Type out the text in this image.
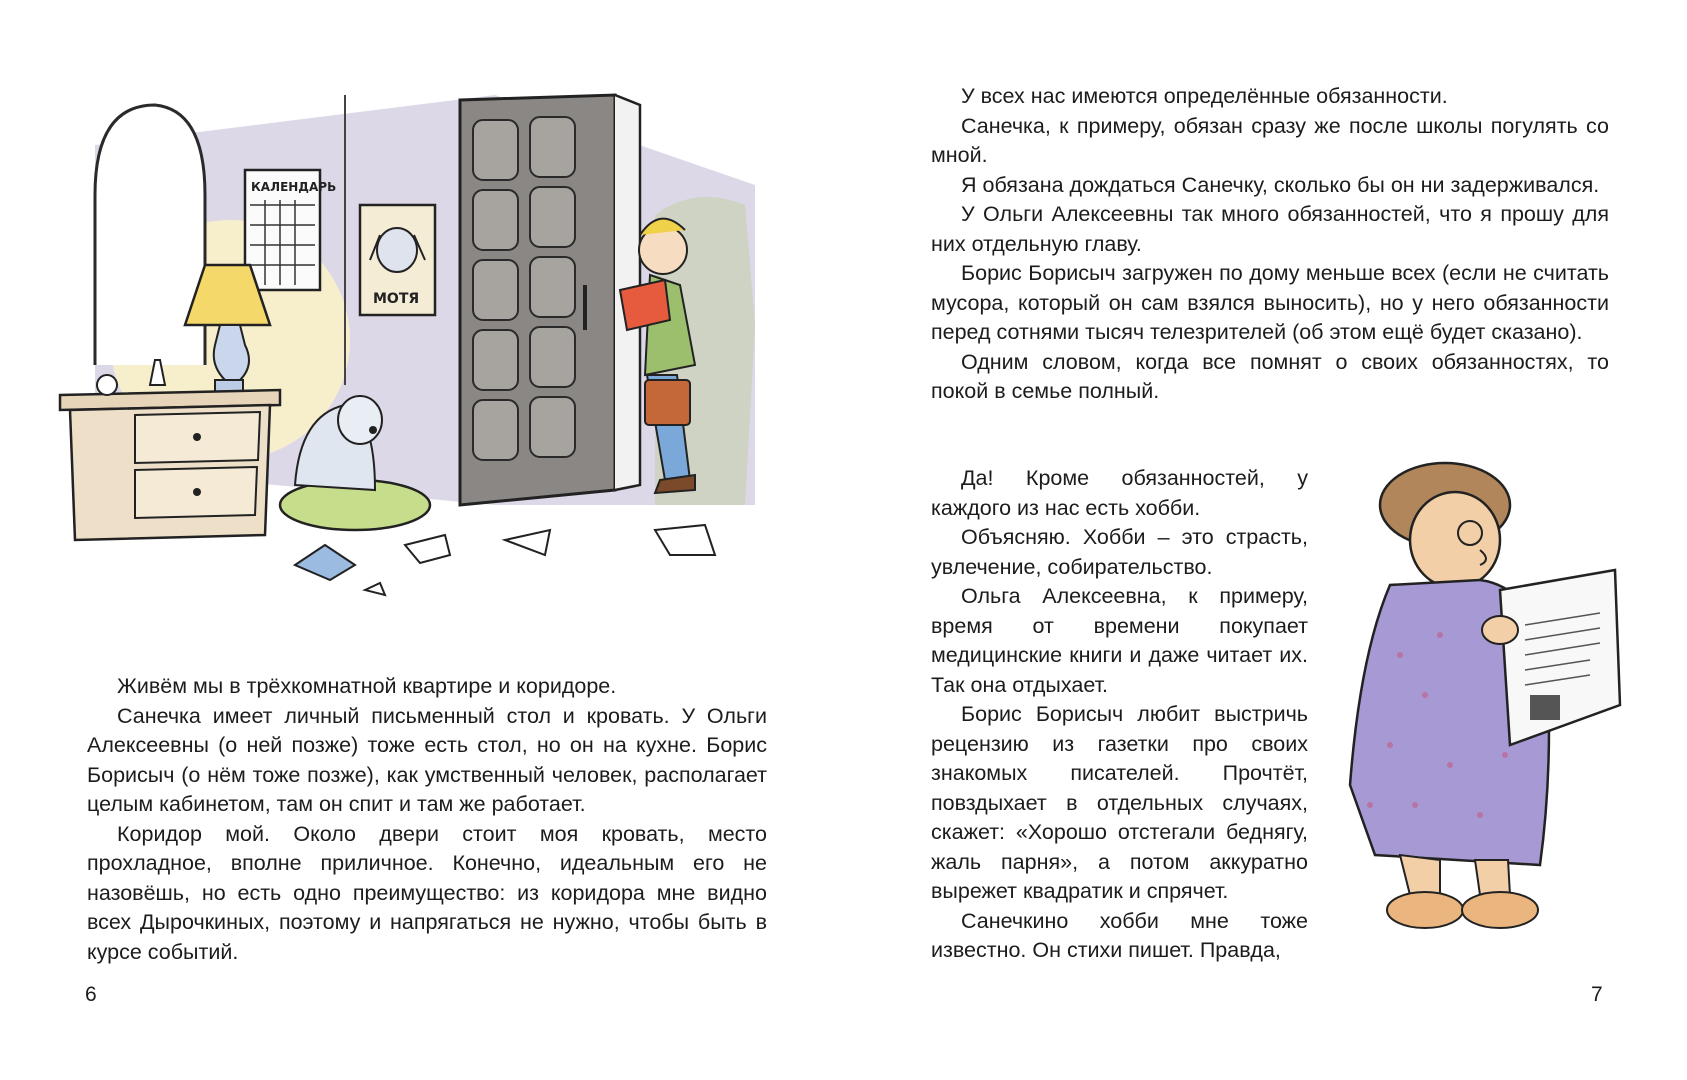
КАЛЕНДАРЬ
МОТЯ

Живём мы в трёхкомнатной квартире и коридоре.

Санечка имеет личный письменный стол и кровать. У Ольги Алексеевны (о ней позже) тоже есть стол, но он на кухне. Борис Борисыч (о нём тоже позже), как умственный человек, располагает целым кабинетом, там он спит и там же работает.

Коридор мой. Около двери стоит моя кровать, место прохладное, вполне приличное. Конечно, идеальным его не назовёшь, но есть одно преимущество: из коридора мне видно всех Дырочкиных, поэтому и напрягаться не нужно, чтобы быть в курсе событий.

6

У всех нас имеются определённые обязанности.

Санечка, к примеру, обязан сразу же после школы погулять со мной.

Я обязана дождаться Санечку, сколько бы он ни задерживался.

У Ольги Алексеевны так много обязанностей, что я прошу для них отдельную главу.

Борис Борисыч загружен по дому меньше всех (если не считать мусора, который он сам взялся выносить), но у него обязанности перед сотнями тысяч телезрителей (об этом ещё будет сказано).

Одним словом, когда все помнят о своих обязанностях, то покой в семье полный.

Да! Кроме обязанностей, у каждого из нас есть хобби.

Объясняю. Хобби – это страсть, увлечение, собирательство.

Ольга Алексеевна, к примеру, время от времени покупает медицинские книги и даже читает их. Так она отдыхает.

Борис Борисыч любит выстричь рецензию из газетки про своих знакомых писателей. Прочтёт, повздыхает в отдельных случаях, скажет: «Хорошо отстегали беднягу, жаль парня», а потом аккуратно вырежет квадратик и спрячет.

Санечкино хобби мне тоже известно. Он стихи пишет. Правда,

7
